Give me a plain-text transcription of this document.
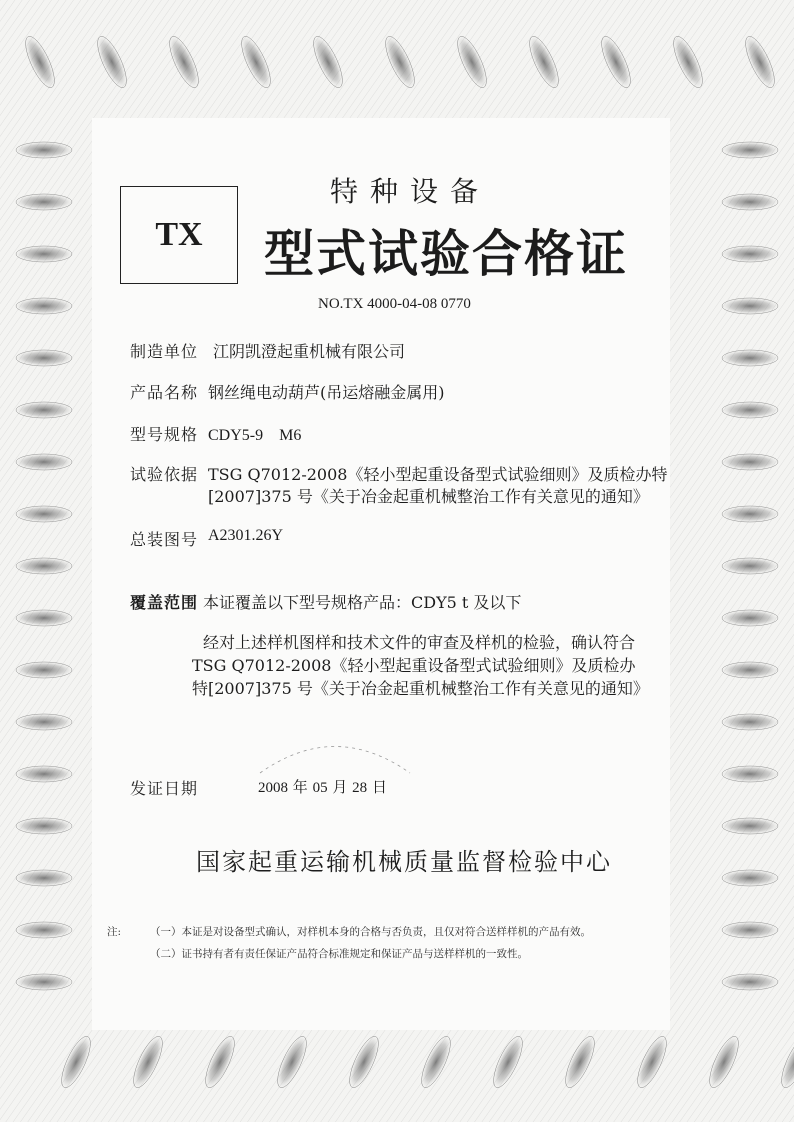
TX
特种设备
型式试验合格证
NO.TX 4000-04-08 0770
制造单位 江阴凯澄起重机械有限公司
产品名称 钢丝绳电动葫芦(吊运熔融金属用)
型号规格 CDY5-9　M6
试验依据 TSG Q7012-2008《轻小型起重设备型式试验细则》及质检办特
[2007]375 号《关于冶金起重机械整治工作有关意见的通知》
总装图号 A2301.26Y
覆盖范围 本证覆盖以下型号规格产品：CDY5 t 及以下
经对上述样机图样和技术文件的审查及样机的检验，确认符合
TSG Q7012-2008《轻小型起重设备型式试验细则》及质检办
特[2007]375 号《关于冶金起重机械整治工作有关意见的通知》
发证日期	2008 年 05 月 28 日
国家起重运输机械质量监督检验中心
注:	（一）本证是对设备型式确认，对样机本身的合格与否负责，且仅对符合送样样机的产品有效。
（二）证书持有者有责任保证产品符合标准规定和保证产品与送样样机的一致性。
